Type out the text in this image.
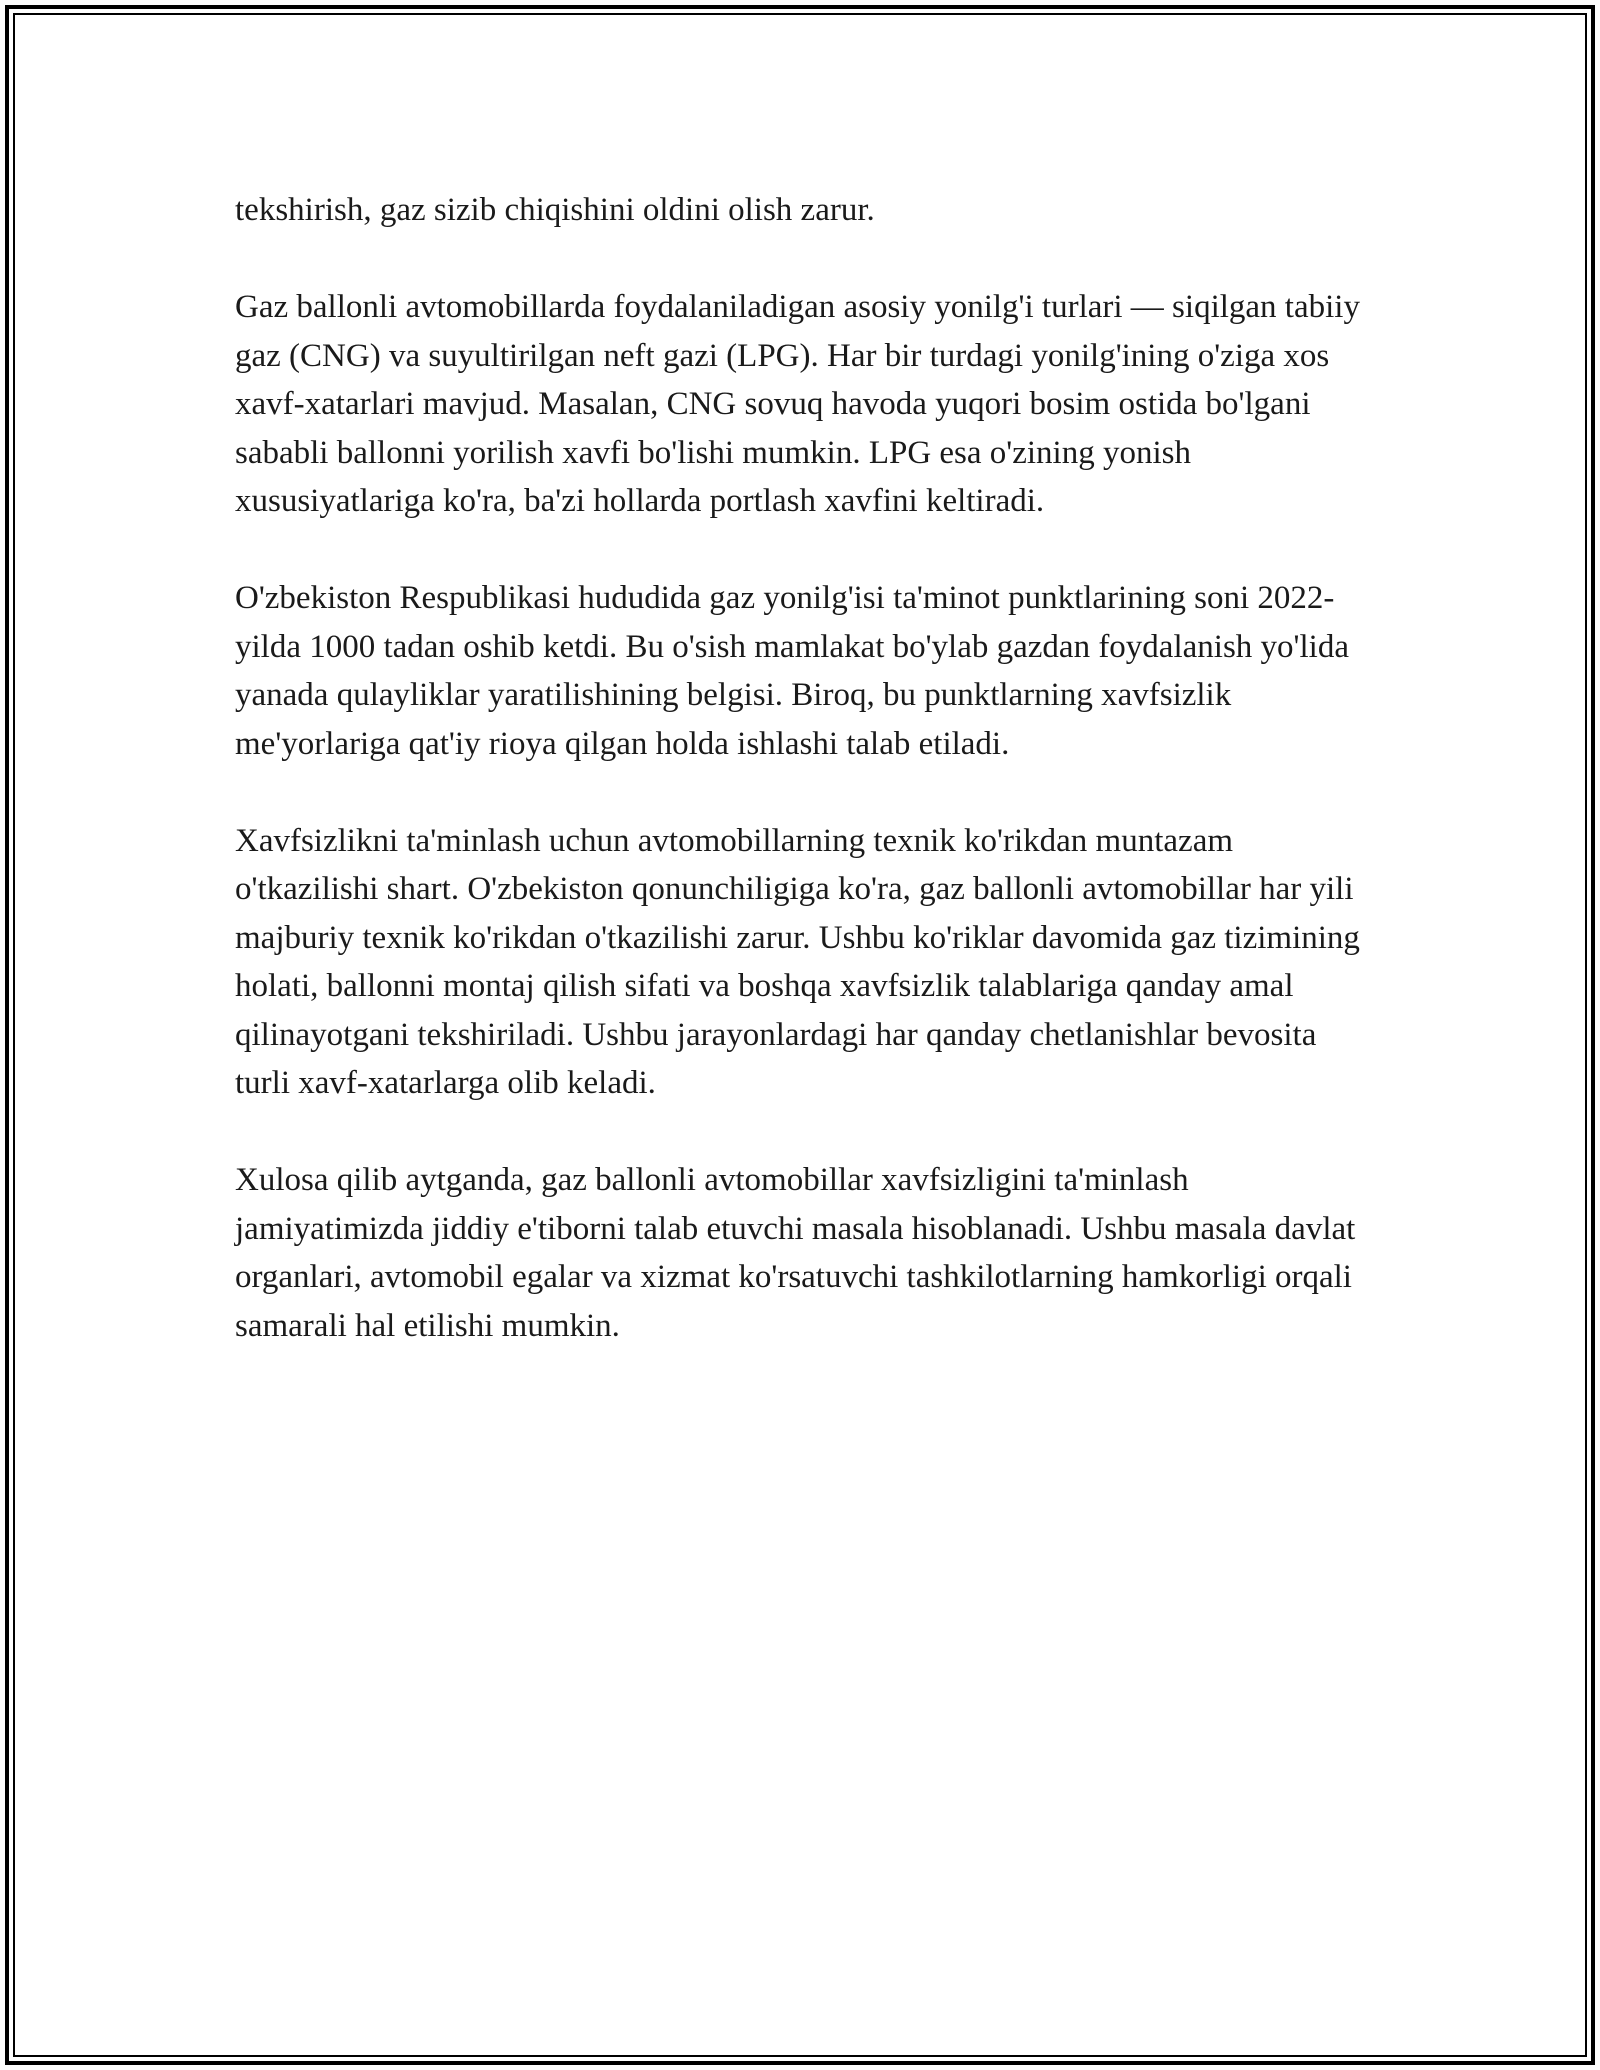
tekshirish, gaz sizib chiqishini oldini olish zarur.

Gaz ballonli avtomobillarda foydalaniladigan asosiy yonilg'i turlari — siqilgan tabiiy gaz (CNG) va suyultirilgan neft gazi (LPG). Har bir turdagi yonilg'ining o'ziga xos xavf-xatarlari mavjud. Masalan, CNG sovuq havoda yuqori bosim ostida bo'lgani sababli ballonni yorilish xavfi bo'lishi mumkin. LPG esa o'zining yonish xususiyatlariga ko'ra, ba'zi hollarda portlash xavfini keltiradi.

O'zbekiston Respublikasi hududida gaz yonilg'isi ta'minot punktlarining soni 2022-yilda 1000 tadan oshib ketdi. Bu o'sish mamlakat bo'ylab gazdan foydalanish yo'lida yanada qulayliklar yaratilishining belgisi. Biroq, bu punktlarning xavfsizlik me'yorlariga qat'iy rioya qilgan holda ishlashi talab etiladi.

Xavfsizlikni ta'minlash uchun avtomobillarning texnik ko'rikdan muntazam o'tkazilishi shart. O'zbekiston qonunchiligiga ko'ra, gaz ballonli avtomobillar har yili majburiy texnik ko'rikdan o'tkazilishi zarur. Ushbu ko'riklar davomida gaz tizimining holati, ballonni montaj qilish sifati va boshqa xavfsizlik talablariga qanday amal qilinayotgani tekshiriladi. Ushbu jarayonlardagi har qanday chetlanishlar bevosita turli xavf-xatarlarga olib keladi.

Xulosa qilib aytganda, gaz ballonli avtomobillar xavfsizligini ta'minlash jamiyatimizda jiddiy e'tiborni talab etuvchi masala hisoblanadi. Ushbu masala davlat organlari, avtomobil egalar va xizmat ko'rsatuvchi tashkilotlarning hamkorligi orqali samarali hal etilishi mumkin.
